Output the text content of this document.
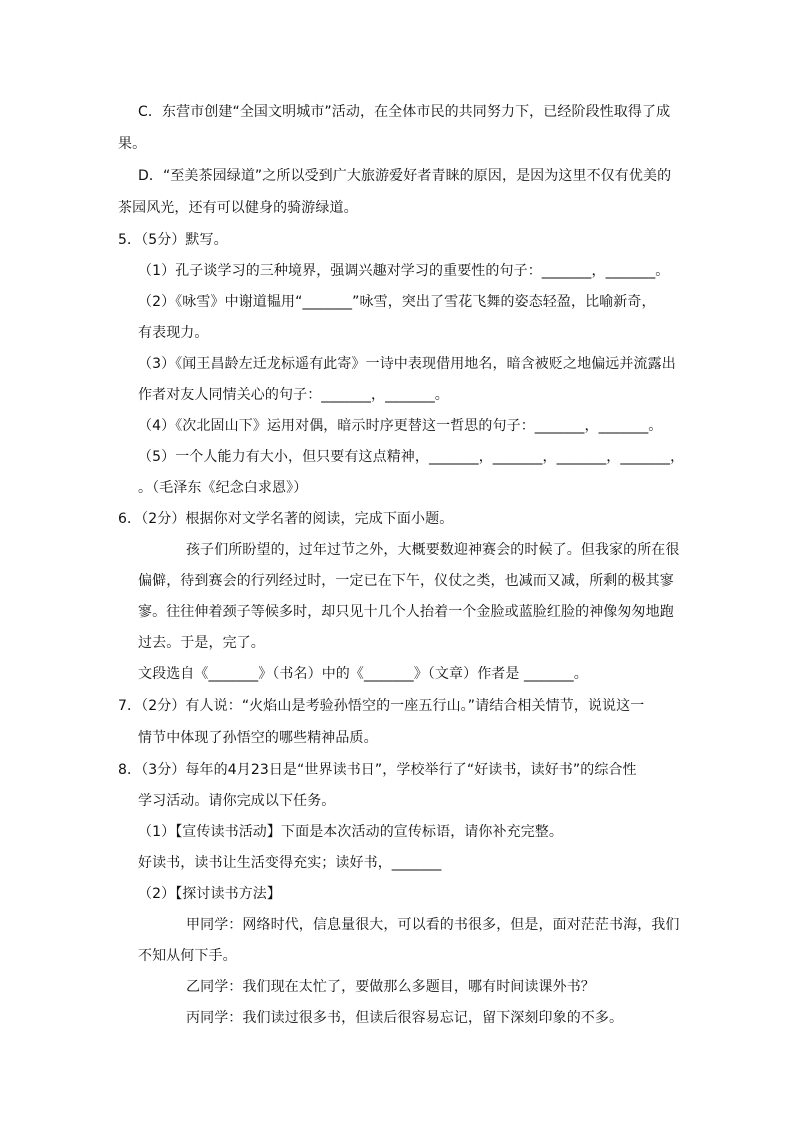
C．东营市创建“全国文明城市”活动，在全体市民的共同努力下，已经阶段性取得了成
果。
D．“至美茶园绿道”之所以受到广大旅游爱好者青睐的原因，是因为这里不仅有优美的
茶园风光，还有可以健身的骑游绿道。
5．（5分）默写。
（1）孔子谈学习的三种境界，强调兴趣对学习的重要性的句子：_______，_______。
（2）《咏雪》中谢道韫用“_______”咏雪，突出了雪花飞舞的姿态轻盈，比喻新奇，
有表现力。
（3）《闻王昌龄左迁龙标遥有此寄》一诗中表现借用地名，暗含被贬之地偏远并流露出
作者对友人同情关心的句子：_______，_______。
（4）《次北固山下》运用对偶，暗示时序更替这一哲思的句子：_______，_______。
（5）一个人能力有大小，但只要有这点精神，_______，_______，_______，_______，
。（毛泽东《纪念白求恩》）
6．（2分）根据你对文学名著的阅读，完成下面小题。
孩子们所盼望的，过年过节之外，大概要数迎神赛会的时候了。但我家的所在很
偏僻，待到赛会的行列经过时，一定已在下午，仪仗之类，也减而又减，所剩的极其寥
寥。往往伸着颈子等候多时，却只见十几个人抬着一个金脸或蓝脸红脸的神像匆匆地跑
过去。于是，完了。
文段选自《_______》（书名）中的《_______》（文章）作者是 _______。
7．（2分）有人说：“火焰山是考验孙悟空的一座五行山。”请结合相关情节，说说这一
情节中体现了孙悟空的哪些精神品质。
8．（3分）每年的4月23日是“世界读书日”，学校举行了“好读书，读好书”的综合性
学习活动。请你完成以下任务。
（1）【宣传读书活动】下面是本次活动的宣传标语，请你补充完整。
好读书，读书让生活变得充实；读好书，_______
（2）【探讨读书方法】
甲同学：网络时代，信息量很大，可以看的书很多，但是，面对茫茫书海，我们
不知从何下手。
乙同学：我们现在太忙了，要做那么多题目，哪有时间读课外书？
丙同学：我们读过很多书，但读后很容易忘记，留下深刻印象的不多。
